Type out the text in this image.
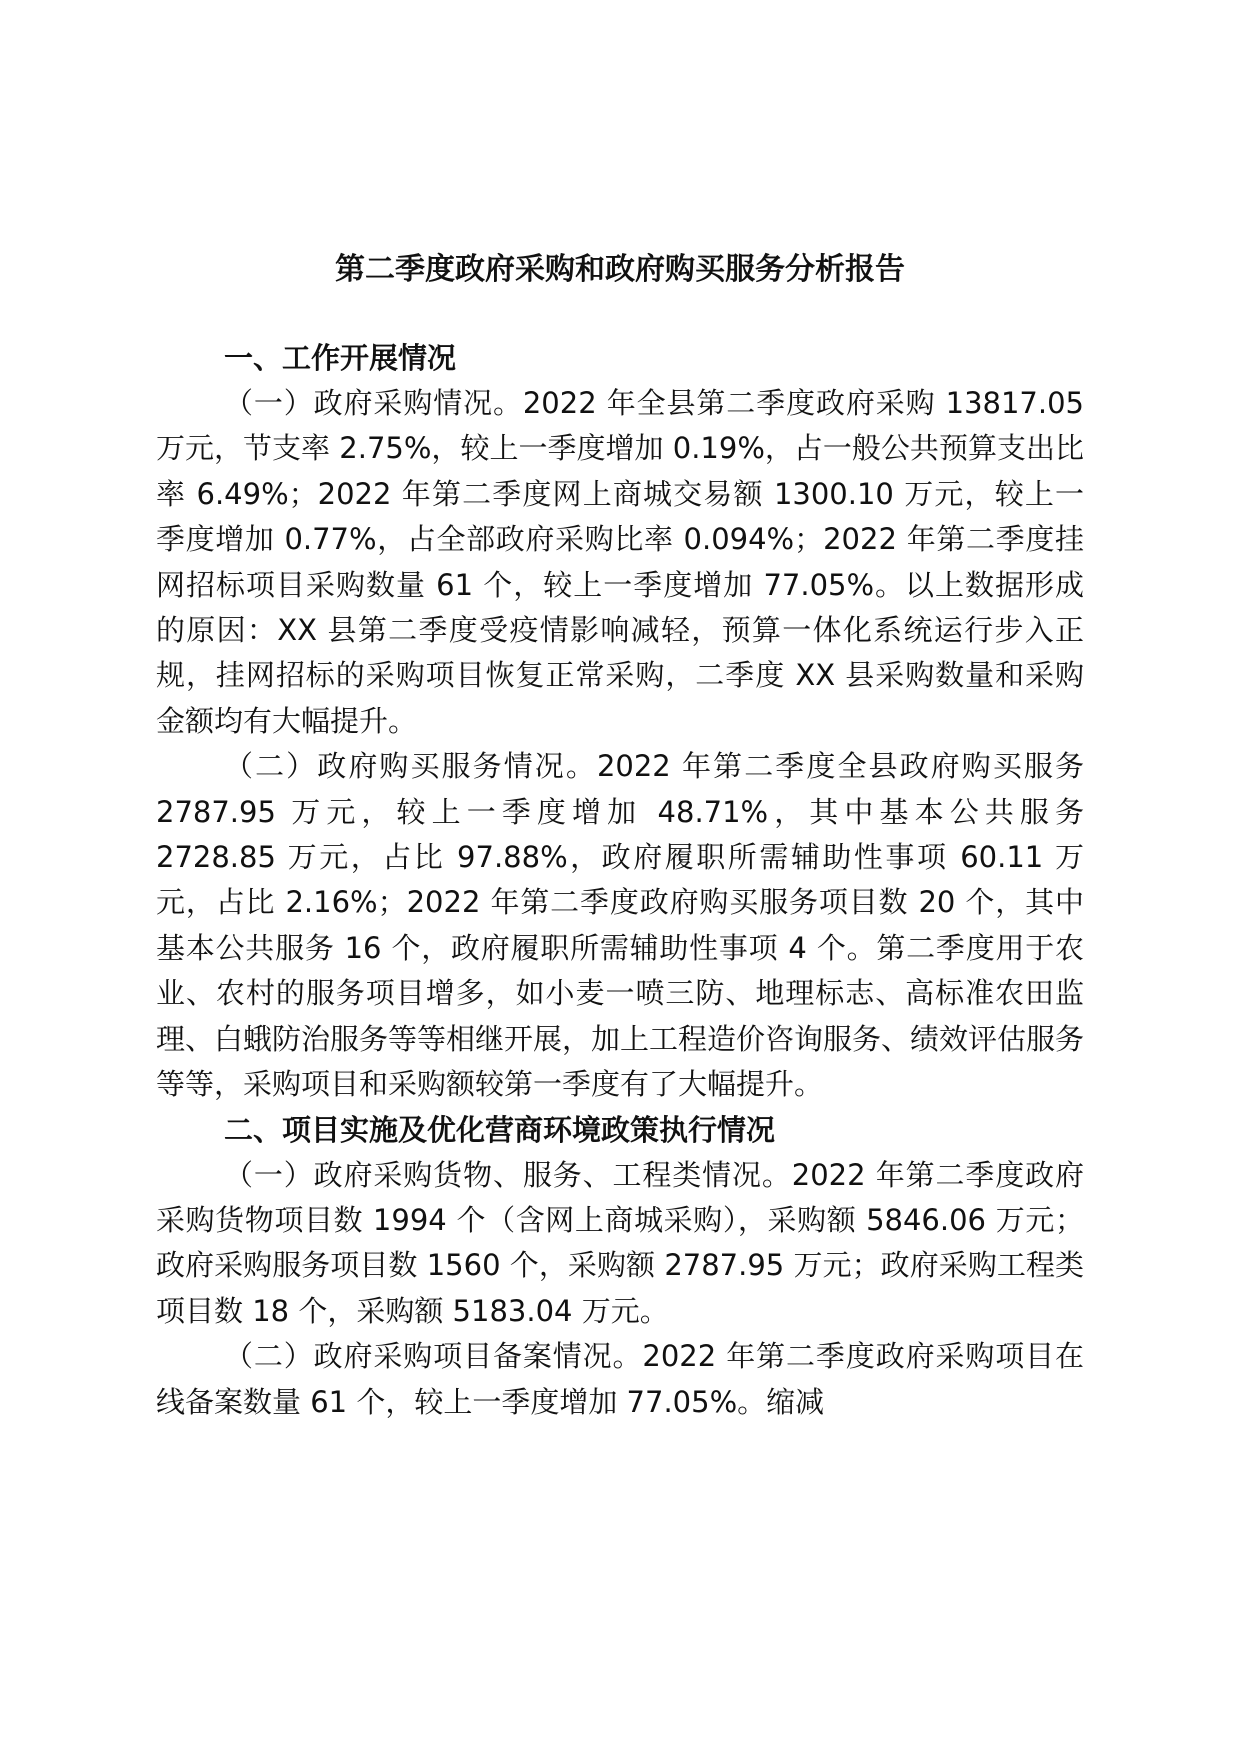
第二季度政府采购和政府购买服务分析报告
一、工作开展情况

（一）政府采购情况。2022 年全县第二季度政府采购 13817.05 万元，节支率 2.75%，较上一季度增加 0.19%，占一般公共预算支出比率 6.49%；2022 年第二季度网上商城交易额 1300.10 万元，较上一季度增加 0.77%，占全部政府采购比率 0.094%；2022 年第二季度挂网招标项目采购数量 61 个，较上一季度增加 77.05%。以上数据形成的原因：XX 县第二季度受疫情影响减轻，预算一体化系统运行步入正规，挂网招标的采购项目恢复正常采购，二季度 XX 县采购数量和采购金额均有大幅提升。

（二）政府购买服务情况。2022 年第二季度全县政府购买服务 2787.95 万元，较上一季度增加 48.71%，其中基本公共服务 2728.85 万元，占比 97.88%，政府履职所需辅助性事项 60.11 万元，占比 2.16%；2022 年第二季度政府购买服务项目数 20 个，其中基本公共服务 16 个，政府履职所需辅助性事项 4 个。第二季度用于农业、农村的服务项目增多，如小麦一喷三防、地理标志、高标准农田监理、白蛾防治服务等等相继开展，加上工程造价咨询服务、绩效评估服务等等，采购项目和采购额较第一季度有了大幅提升。

二、项目实施及优化营商环境政策执行情况

（一）政府采购货物、服务、工程类情况。2022 年第二季度政府采购货物项目数 1994 个（含网上商城采购），采购额 5846.06 万元；政府采购服务项目数 1560 个，采购额 2787.95 万元；政府采购工程类项目数 18 个，采购额 5183.04 万元。

（二）政府采购项目备案情况。2022 年第二季度政府采购项目在线备案数量 61 个，较上一季度增加 77.05%。缩减
